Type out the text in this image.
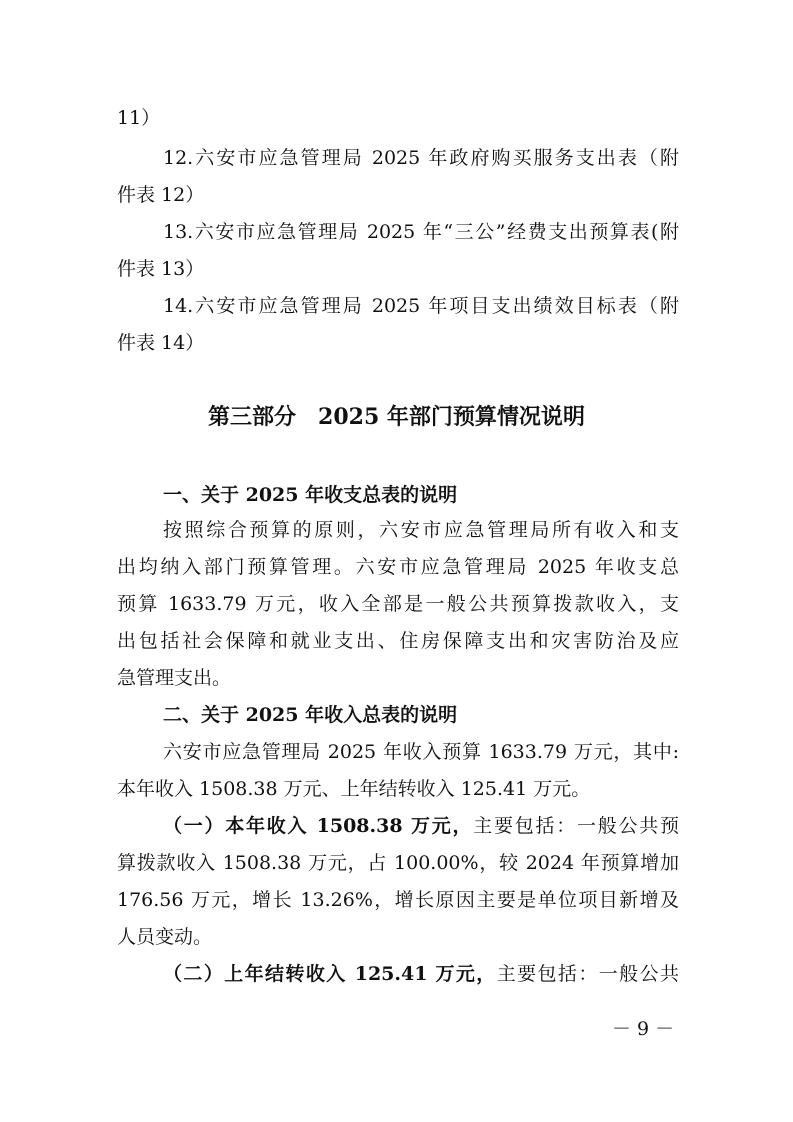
11）
12.六安市应急管理局 2025 年政府购买服务支出表（附
件表 12）
13.六安市应急管理局 2025 年“三公”经费支出预算表(附
件表 13）
14.六安市应急管理局 2025 年项目支出绩效目标表（附
件表 14）
第三部分　2025 年部门预算情况说明
一、关于 2025 年收支总表的说明
按照综合预算的原则，六安市应急管理局所有收入和支
出均纳入部门预算管理。六安市应急管理局 2025 年收支总
预算 1633.79 万元，收入全部是一般公共预算拨款收入，支
出包括社会保障和就业支出、住房保障支出和灾害防治及应
急管理支出。
二、关于 2025 年收入总表的说明
六安市应急管理局 2025 年收入预算 1633.79 万元，其中:
本年收入 1508.38 万元、上年结转收入 125.41 万元。
（一）本年收入 1508.38 万元，主要包括：一般公共预
算拨款收入 1508.38 万元，占 100.00%，较 2024 年预算增加
176.56 万元，增长 13.26%，增长原因主要是单位项目新增及
人员变动。
（二）上年结转收入 125.41 万元，主要包括：一般公共
－ 9 －
